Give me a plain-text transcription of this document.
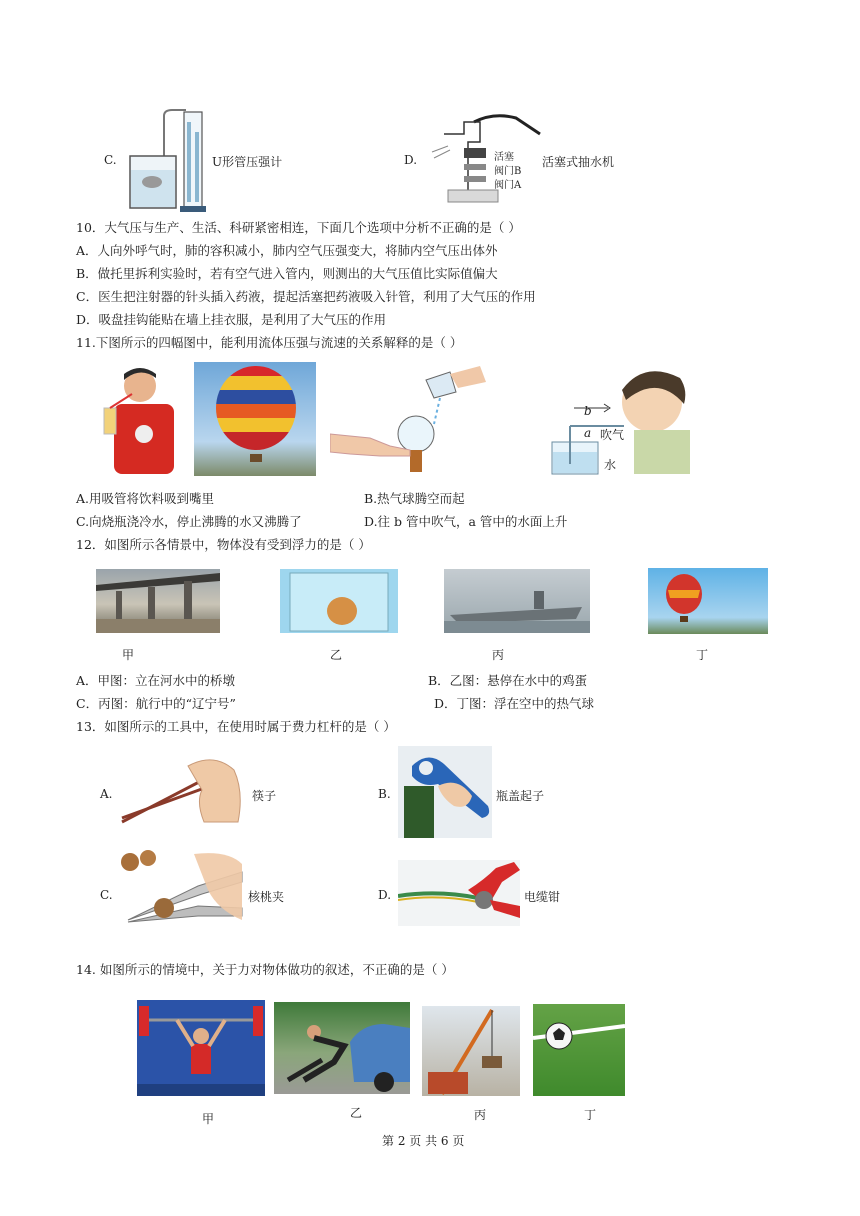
C.	U形管压强计	D.	活塞
阀门B
阀门A
活塞式抽水机
10．大气压与生产、生活、科研紧密相连，下面几个选项中分析不正确的是（ ）
A．人向外呼气时，肺的容积减小，肺内空气压强变大，将肺内空气压出体外
B．做托里拆利实验时，若有空气进入管内，则测出的大气压值比实际值偏大
C．医生把注射器的针头插入药液，提起活塞把药液吸入针管，利用了大气压的作用
D．吸盘挂钩能贴在墙上挂衣服，是利用了大气压的作用
11.下图所示的四幅图中，能利用流体压强与流速的关系解释的是（ ）
b
a 吹气
水
A.用吸管将饮料吸到嘴里	B.热气球腾空而起
C.向烧瓶浇冷水，停止沸腾的水又沸腾了	D.往 b 管中吹气，a 管中的水面上升
12．如图所示各情景中，物体没有受到浮力的是（ ）
甲	乙	丙	丁
A．甲图：立在河水中的桥墩	B．乙图：悬停在水中的鸡蛋
C．丙图：航行中的“辽宁号”	D．丁图：浮在空中的热气球
13．如图所示的工具中，在使用时属于费力杠杆的是（ ）
A.	筷子	B.	瓶盖起子
C.	核桃夹	D.	电缆钳
14. 如图所示的情境中，关于力对物体做功的叙述，不正确的是（ ）
甲	乙	丙	丁
第 2 页 共 6 页
